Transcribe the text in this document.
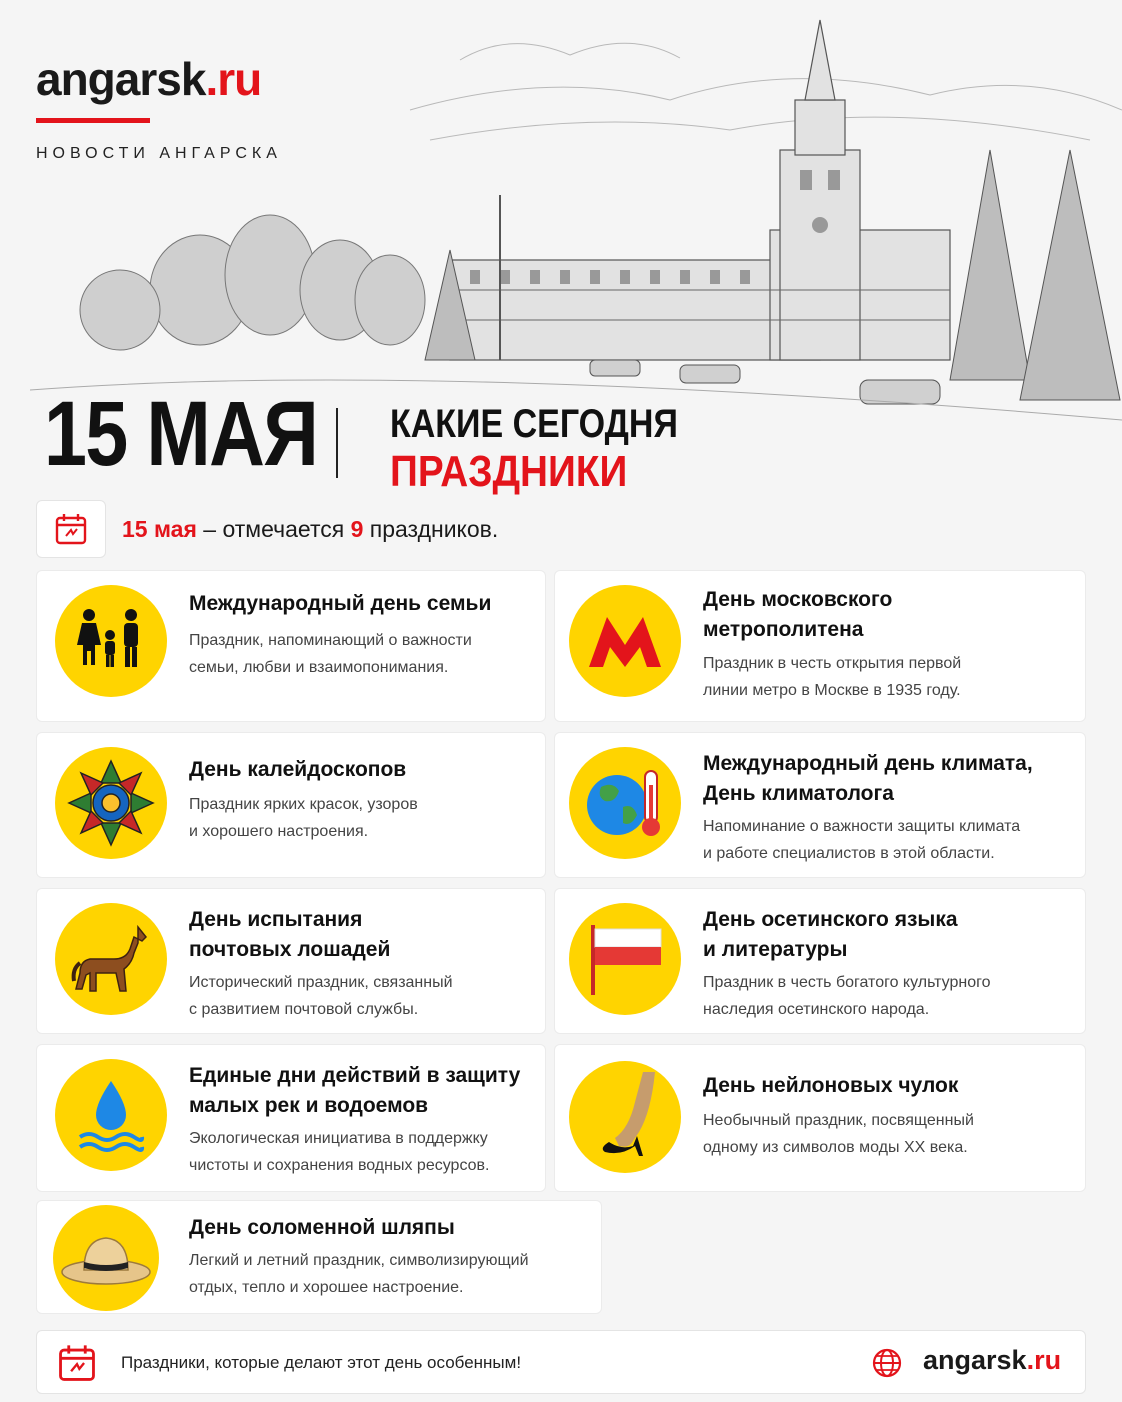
angarsk.ru
НОВОСТИ АНГАРСКА
15 МАЯ КАКИЕ СЕГОДНЯ
ПРАЗДНИКИ
15 мая – отмечается 9 праздников.
Международный день семьи
Праздник, напоминающий о важности
семьи, любви и взаимопонимания.
День московского
метрополитена
Праздник в честь открытия первой
линии метро в Москве в 1935 году.
День калейдоскопов
Праздник ярких красок, узоров
и хорошего настроения.
Международный день климата,
День климатолога
Напоминание о важности защиты климата
и работе специалистов в этой области.
День испытания
почтовых лошадей
Исторический праздник, связанный
с развитием почтовой службы.
День осетинского языка
и литературы
Праздник в честь богатого культурного
наследия осетинского народа.
Единые дни действий в защиту
малых рек и водоемов
Экологическая инициатива в поддержку
чистоты и сохранения водных ресурсов.
День нейлоновых чулок
Необычный праздник, посвященный
одному из символов моды XX века.
День соломенной шляпы
Легкий и летний праздник, символизирующий
отдых, тепло и хорошее настроение.
Праздники, которые делают этот день особенным!	angarsk.ru
